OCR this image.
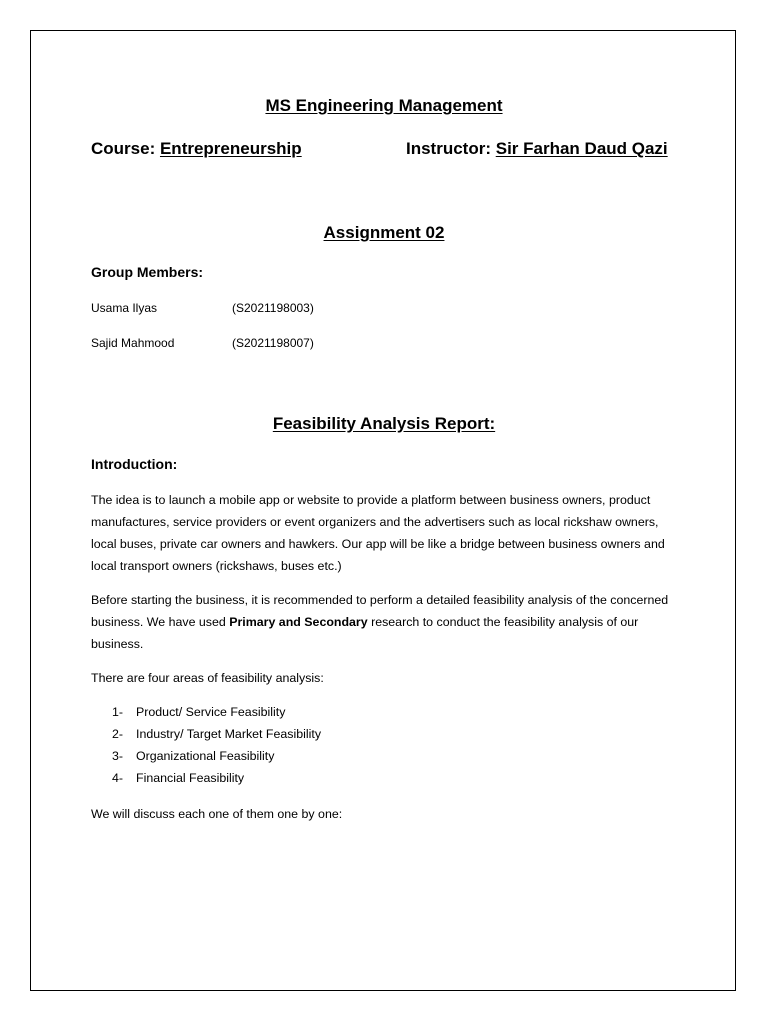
MS Engineering Management
Course: Entrepreneurship	Instructor: Sir Farhan Daud Qazi
Assignment 02
Group Members:
Usama Ilyas	(S2021198003)
Sajid Mahmood	(S2021198007)
Feasibility Analysis Report:
Introduction:
The idea is to launch a mobile app or website to provide a platform between business owners, product manufactures, service providers or event organizers and the advertisers such as local rickshaw owners, local buses, private car owners and hawkers. Our app will be like a bridge between business owners and local transport owners (rickshaws, buses etc.)
Before starting the business, it is recommended to perform a detailed feasibility analysis of the concerned business. We have used Primary and Secondary research to conduct the feasibility analysis of our business.
There are four areas of feasibility analysis:
1- Product/ Service Feasibility
2- Industry/ Target Market Feasibility
3- Organizational Feasibility
4- Financial Feasibility
We will discuss each one of them one by one:
